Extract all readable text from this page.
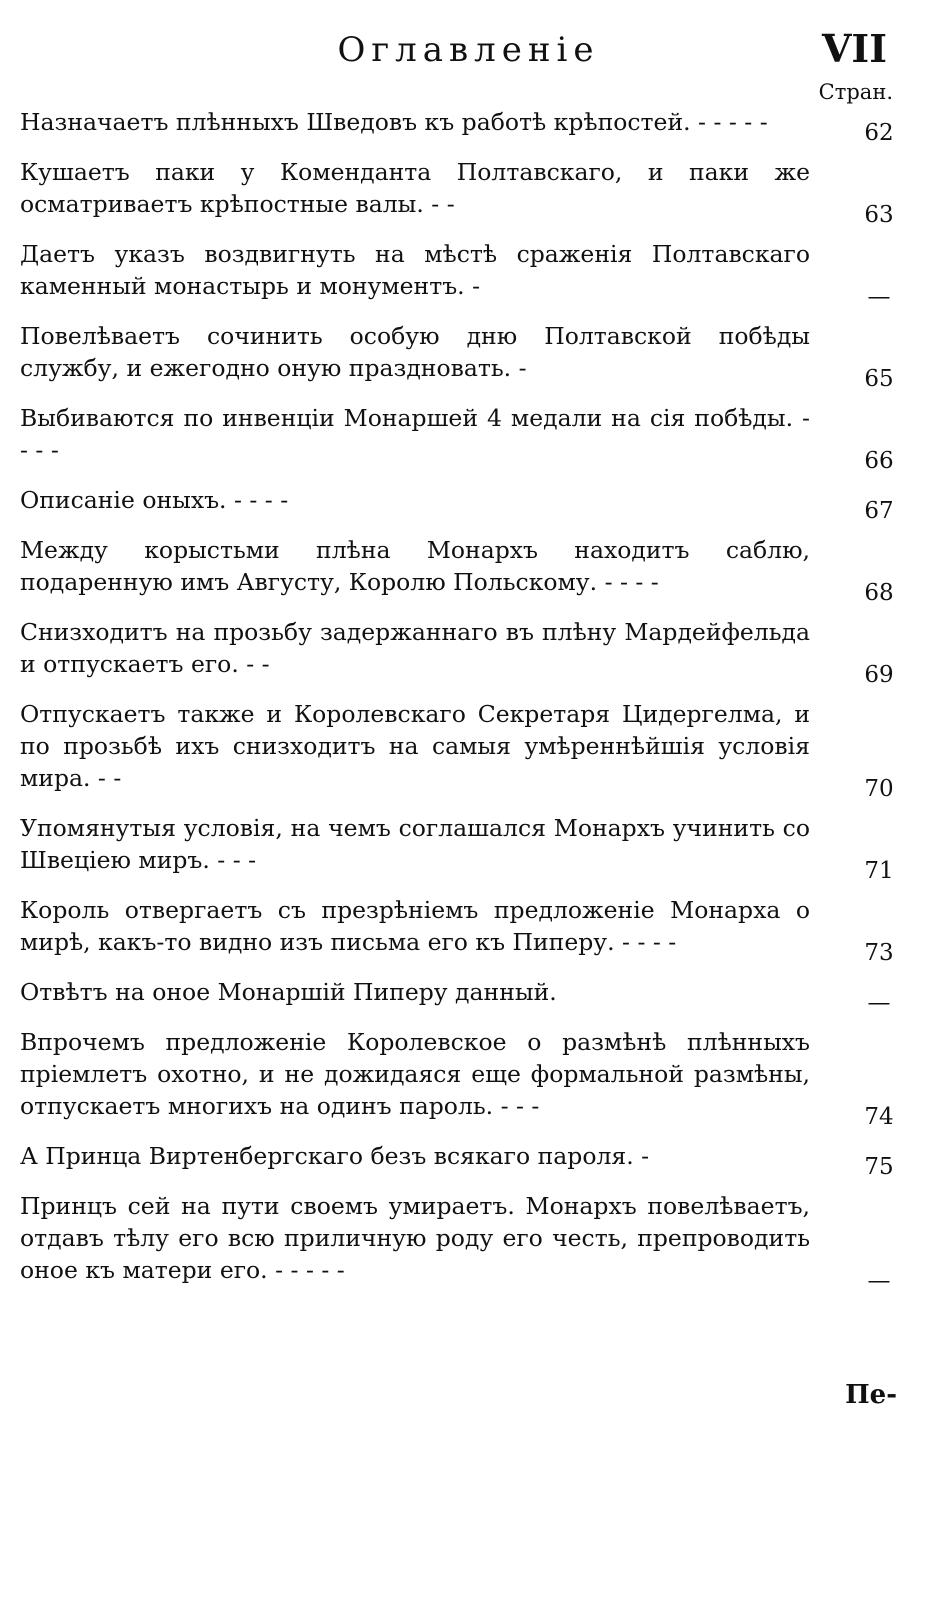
Оглавленіе	VII
Стран.
Назначаетъ плѣнныхъ Шведовъ къ работѣ крѣпостей. - - - - -	62
Кушаетъ паки у Коменданта Полтавскаго, и паки же осматриваетъ крѣпостные валы. - -	63
Даетъ указъ воздвигнуть на мѣстѣ сраженія Полтавскаго каменный монастырь и монументъ. -	—
Повелѣваетъ сочинить особую дню Полтавской побѣды службу, и ежегодно оную праздновать. -	65
Выбиваются по инвенціи Монаршей 4 медали на сія побѣды. - - - -	66
Описаніе оныхъ. - - - -	67
Между корыстьми плѣна Монархъ находитъ саблю, подаренную имъ Августу, Королю Польскому. - - - -	68
Снизходитъ на прозьбу задержаннаго въ плѣну Мардейфельда и отпускаетъ его. - -	69
Отпускаетъ также и Королевскаго Секретаря Цидергелма, и по прозьбѣ ихъ снизходитъ на самыя умѣреннѣйшія условія мира. - -	70
Упомянутыя условія, на чемъ соглашался Монархъ учинить со Швеціею миръ. - - -	71
Король отвергаетъ съ презрѣніемъ предложеніе Монарха о мирѣ, какъ-то видно изъ письма его къ Пиперу. - - - -	73
Отвѣтъ на оное Монаршій Пиперу данный.	—
Впрочемъ предложеніе Королевское о размѣнѣ плѣнныхъ пріемлетъ охотно, и не дожидаяся еще формальной размѣны, отпускаетъ многихъ на одинъ пароль. - - -	74
А Принца Виртенбергскаго безъ всякаго пароля. -	75
Принцъ сей на пути своемъ умираетъ. Монархъ повелѣваетъ, отдавъ тѣлу его всю приличную роду его честь, препроводить оное къ матери его. - - - - -	—
Пе-
